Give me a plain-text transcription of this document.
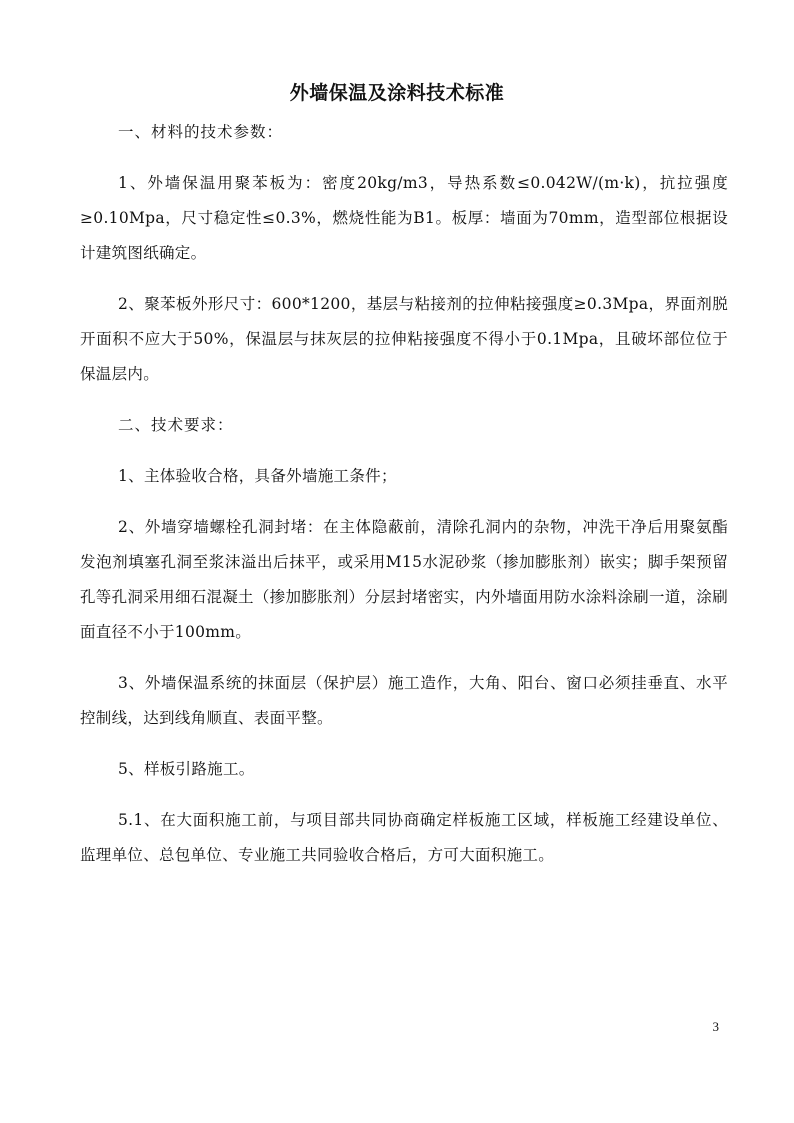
外墙保温及涂料技术标准

一、材料的技术参数：

1、外墙保温用聚苯板为：密度20kg/m3，导热系数≤0.042W/(m·k)，抗拉强度≥0.10Mpa，尺寸稳定性≤0.3%，燃烧性能为B1。板厚：墙面为70mm，造型部位根据设计建筑图纸确定。

2、聚苯板外形尺寸：600*1200，基层与粘接剂的拉伸粘接强度≥0.3Mpa，界面剂脱开面积不应大于50%，保温层与抹灰层的拉伸粘接强度不得小于0.1Mpa，且破坏部位位于保温层内。

二、技术要求：

1、主体验收合格，具备外墙施工条件；

2、外墙穿墙螺栓孔洞封堵：在主体隐蔽前，清除孔洞内的杂物，冲洗干净后用聚氨酯发泡剂填塞孔洞至浆沫溢出后抹平，或采用M15水泥砂浆（掺加膨胀剂）嵌实；脚手架预留孔等孔洞采用细石混凝土（掺加膨胀剂）分层封堵密实，内外墙面用防水涂料涂刷一道，涂刷面直径不小于100mm。

3、外墙保温系统的抹面层（保护层）施工造作，大角、阳台、窗口必须挂垂直、水平控制线，达到线角顺直、表面平整。

5、样板引路施工。

5.1、在大面积施工前，与项目部共同协商确定样板施工区域，样板施工经建设单位、监理单位、总包单位、专业施工共同验收合格后，方可大面积施工。

3
